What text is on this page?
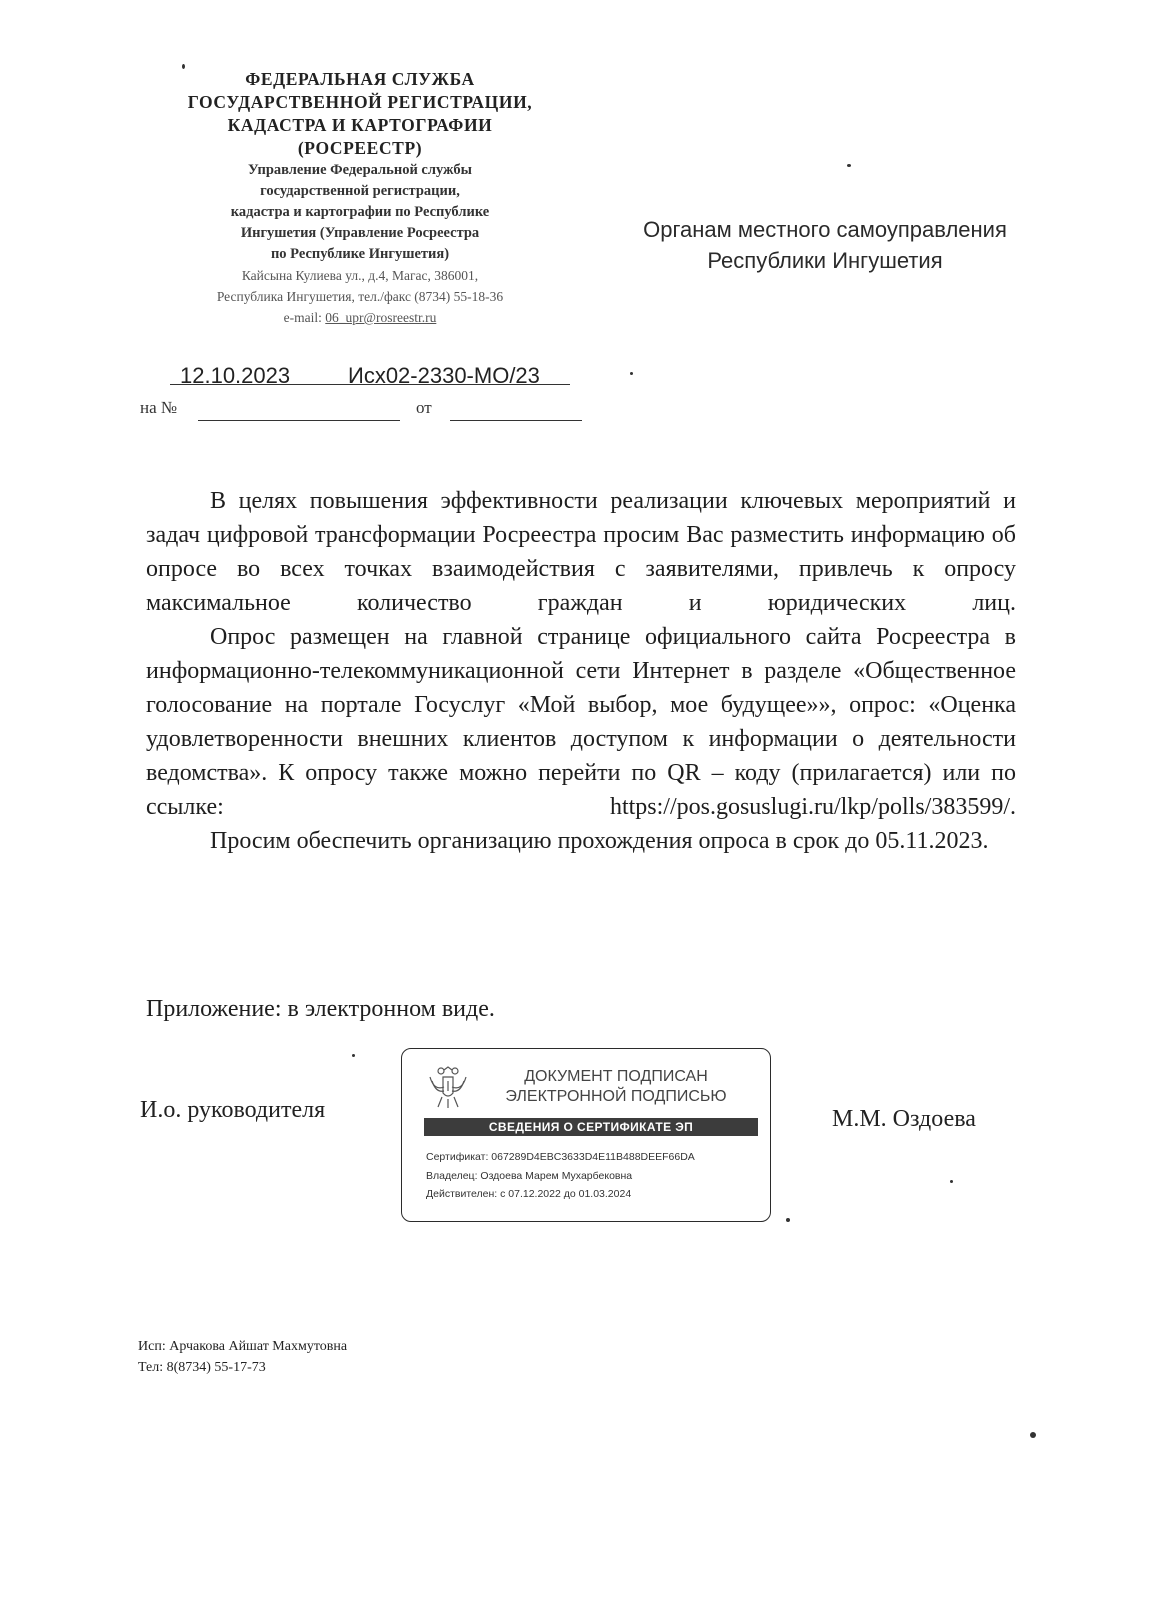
ФЕДЕРАЛЬНАЯ СЛУЖБА
ГОСУДАРСТВЕННОЙ РЕГИСТРАЦИИ,
КАДАСТРА И КАРТОГРАФИИ
(РОСРЕЕСТР)
Управление Федеральной службы
государственной регистрации,
кадастра и картографии по Республике
Ингушетия (Управление Росреестра
по Республике Ингушетия)
Кайсына Кулиева ул., д.4, Магас, 386001,
Республика Ингушетия, тел./факс (8734) 55-18-36
e-mail: 06_upr@rosreestr.ru
Органам местного самоуправления
Республики Ингушетия
12.10.2023	Исх02-2330-МО/23
на №	от

В целях повышения эффективности реализации ключевых мероприятий и задач цифровой трансформации Росреестра просим Вас разместить информацию об опросе во всех точках взаимодействия с заявителями, привлечь к опросу максимальное количество граждан и юридических лиц.

Опрос размещен на главной странице официального сайта Росреестра в информационно-телекоммуникационной сети Интернет в разделе «Общественное голосование на портале Госуслуг «Мой выбор, мое будущее»», опрос: «Оценка удовлетворенности внешних клиентов доступом к информации о деятельности ведомства». К опросу также можно перейти по QR – коду (прилагается) или по ссылке: https://pos.gosuslugi.ru/lkp/polls/383599/.

Просим обеспечить организацию прохождения опроса в срок до 05.11.2023.

Приложение: в электронном виде.
И.о. руководителя	М.М. Оздоева
ДОКУМЕНТ ПОДПИСАН
ЭЛЕКТРОННОЙ ПОДПИСЬЮ
СВЕДЕНИЯ О СЕРТИФИКАТЕ ЭП
Сертификат: 067289D4EBC3633D4E11B488DEEF66DA
Владелец: Оздоева Марем Мухарбековна
Действителен: с 07.12.2022 до 01.03.2024
Исп: Арчакова Айшат Махмутовна
Тел: 8(8734) 55-17-73
